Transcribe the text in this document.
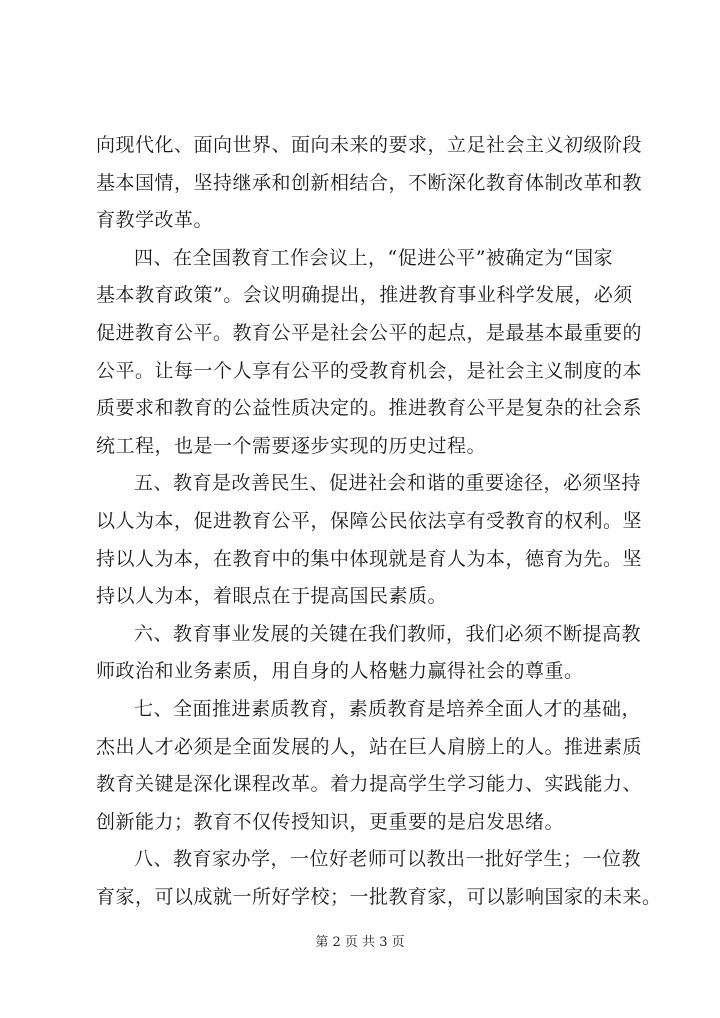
向现代化、面向世界、面向未来的要求，立足社会主义初级阶段
基本国情，坚持继承和创新相结合，不断深化教育体制改革和教
育教学改革。

四、在全国教育工作会议上，“促进公平”被确定为“国家
基本教育政策”。会议明确提出，推进教育事业科学发展，必须
促进教育公平。教育公平是社会公平的起点，是最基本最重要的
公平。让每一个人享有公平的受教育机会，是社会主义制度的本
质要求和教育的公益性质决定的。推进教育公平是复杂的社会系
统工程，也是一个需要逐步实现的历史过程。

五、教育是改善民生、促进社会和谐的重要途径，必须坚持
以人为本，促进教育公平，保障公民依法享有受教育的权利。坚
持以人为本，在教育中的集中体现就是育人为本，德育为先。坚
持以人为本，着眼点在于提高国民素质。

六、教育事业发展的关键在我们教师，我们必须不断提高教
师政治和业务素质，用自身的人格魅力赢得社会的尊重。

七、全面推进素质教育，素质教育是培养全面人才的基础，
杰出人才必须是全面发展的人，站在巨人肩膀上的人。推进素质
教育关键是深化课程改革。着力提高学生学习能力、实践能力、
创新能力；教育不仅传授知识，更重要的是启发思绪。

八、教育家办学，一位好老师可以教出一批好学生；一位教
育家，可以成就一所好学校；一批教育家，可以影响国家的未来。

第 2 页 共 3 页
